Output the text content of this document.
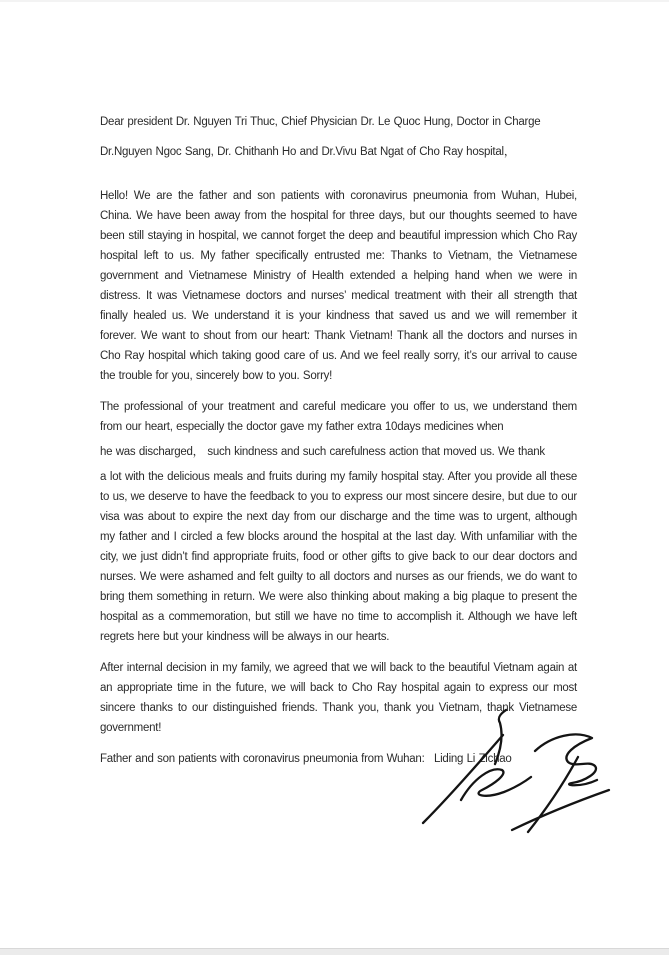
Dear president Dr. Nguyen Tri Thuc, Chief Physician Dr. Le Quoc Hung, Doctor in Charge

Dr.Nguyen Ngoc Sang, Dr. Chithanh Ho and Dr.Vivu Bat Ngat of Cho Ray hospital，

Hello! We are the father and son patients with coronavirus pneumonia from Wuhan, Hubei, China. We have been away from the hospital for three days, but our thoughts seemed to have been still staying in hospital, we cannot forget the deep and beautiful impression which Cho Ray hospital left to us. My father specifically entrusted me: Thanks to Vietnam, the Vietnamese government and Vietnamese Ministry of Health extended a helping hand when we were in distress. It was Vietnamese doctors and nurses’ medical treatment with their all strength that finally healed us. We understand it is your kindness that saved us and we will remember it forever. We want to shout from our heart: Thank Vietnam! Thank all the doctors and nurses in Cho Ray hospital which taking good care of us. And we feel really sorry, it’s our arrival to cause the trouble for you, sincerely bow to you. Sorry!

The professional of your treatment and careful medicare you offer to us, we understand them from our heart, especially the doctor gave my father extra 10days medicines when

he was discharged， such kindness and such carefulness action that moved us. We thank

a lot with the delicious meals and fruits during my family hospital stay. After you provide all these to us, we deserve to have the feedback to you to express our most sincere desire, but due to our visa was about to expire the next day from our discharge and the time was to urgent, although my father and I circled a few blocks around the hospital at the last day. With unfamiliar with the city, we just didn’t find appropriate fruits, food or other gifts to give back to our dear doctors and nurses. We were ashamed and felt guilty to all doctors and nurses as our friends, we do want to bring them something in return. We were also thinking about making a big plaque to present the hospital as a commemoration, but still we have no time to accomplish it. Although we have left regrets here but your kindness will be always in our hearts.

After internal decision in my family, we agreed that we will back to the beautiful Vietnam again at an appropriate time in the future, we will back to Cho Ray hospital again to express our most sincere thanks to our distinguished friends. Thank you, thank you Vietnam, thank Vietnamese government!

Father and son patients with coronavirus pneumonia from Wuhan: Liding Li Zichao
